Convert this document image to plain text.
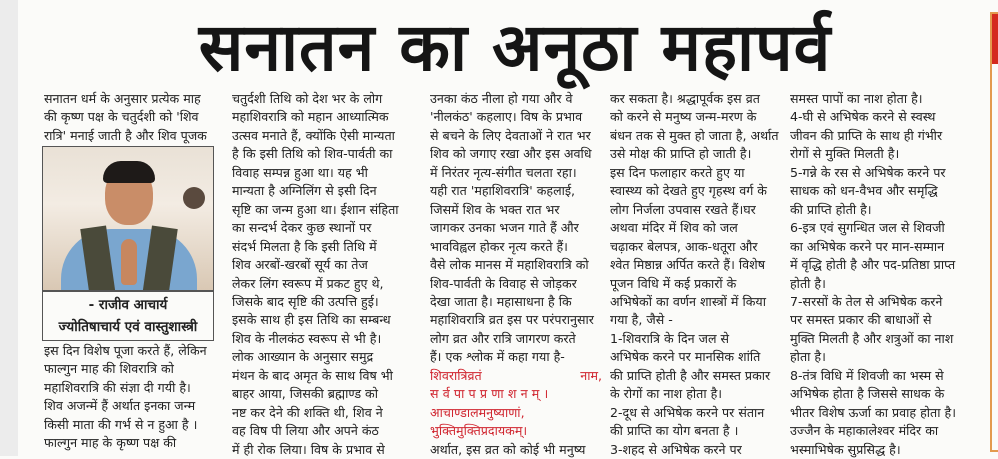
सनातन का अनूठा महापर्व
सनातन धर्म के अनुसार प्रत्येक माह
की कृष्ण पक्ष के चतुर्दशी को 'शिव
रात्रि' मनाई जाती है और शिव पूजक
- राजीव आचार्य
ज्योतिषाचार्य एवं वास्तुशास्त्री
इस दिन विशेष पूजा करते हैं, लेकिन
फाल्गुन माह की शिवरात्रि को
महाशिवरात्रि की संज्ञा दी गयी है।
शिव अजन्में हैं अर्थात इनका जन्म
किसी माता की गर्भ से न हुआ है ।
फाल्गुन माह के कृष्ण पक्ष की
चतुर्दशी तिथि को देश भर के लोग
महाशिवरात्रि को महान आध्यात्मिक
उत्सव मनाते हैं, क्योंकि ऐसी मान्यता
है कि इसी तिथि को शिव-पार्वती का
विवाह सम्पन्न हुआ था। यह भी
मान्यता है अग्निलिंग से इसी दिन
सृष्टि का जन्म हुआ था। ईशान संहिता
का सन्दर्भ देकर कुछ स्थानों पर
संदर्भ मिलता है कि इसी तिथि में
शिव अरबों-खरबों सूर्य का तेज
लेकर लिंग स्वरूप में प्रकट हुए थे,
जिसके बाद सृष्टि की उत्पत्ति हुई।
इसके साथ ही इस तिथि का सम्बन्ध
शिव के नीलकंठ स्वरूप से भी है।
लोक आख्यान के अनुसार समुद्र
मंथन के बाद अमृत के साथ विष भी
बाहर आया, जिसकी ब्रह्माण्ड को
नष्ट कर देने की शक्ति थी, शिव ने
वह विष पी लिया और अपने कंठ
में ही रोक लिया। विष के प्रभाव से
उनका कंठ नीला हो गया और वे
'नीलकंठ' कहलाए। विष के प्रभाव
से बचने के लिए देवताओं ने रात भर
शिव को जगाए रखा और इस अवधि
में निरंतर नृत्य-संगीत चलता रहा।
यही रात 'महाशिवरात्रि' कहलाई,
जिसमें शिव के भक्त रात भर
जागकर उनका भजन गाते हैं और
भावविह्वल होकर नृत्य करते हैं।
वैसे लोक मानस में महाशिवरात्रि को
शिव-पार्वती के विवाह से जोड़कर
देखा जाता है। महासाधना है कि
महाशिवरात्रि व्रत इस पर परंपरानुसार
लोग व्रत और रात्रि जागरण करते
हैं। एक श्लोक में कहा गया है-
शिवरात्रिव्रतं	नाम,
सर्वपापप्रणाशनम्।
आचाण्डालमनुष्याणां,
भुक्तिमुक्तिप्रदायकम्।
अर्थात, इस व्रत को कोई भी मनुष्य
कर सकता है। श्रद्धापूर्वक इस व्रत
को करने से मनुष्य जन्म-मरण के
बंधन तक से मुक्त हो जाता है, अर्थात
उसे मोक्ष की प्राप्ति हो जाती है।
इस दिन फलाहार करते हुए या
स्वास्थ्य को देखते हुए गृहस्थ वर्ग के
लोग निर्जला उपवास रखते हैं।घर
अथवा मंदिर में शिव को जल
चढ़ाकर बेलपत्र, आक-धतूरा और
श्वेत मिष्ठान्न अर्पित करते हैं। विशेष
पूजन विधि में कई प्रकारों के
अभिषेकों का वर्णन शास्त्रों में किया
गया है, जैसे -
1-शिवरात्रि के दिन जल से
अभिषेक करने पर मानसिक शांति
की प्राप्ति होती है और समस्त प्रकार
के रोगों का नाश होता है।
2-दूध से अभिषेक करने पर संतान
की प्राप्ति का योग बनता है ।
3-शहद से अभिषेक करने पर
समस्त पापों का नाश होता है।
4-घी से अभिषेक करने से स्वस्थ
जीवन की प्राप्ति के साथ ही गंभीर
रोगों से मुक्ति मिलती है।
5-गन्ने के रस से अभिषेक करने पर
साधक को धन-वैभव और समृद्धि
की प्राप्ति होती है।
6-इत्र एवं सुगन्धित जल से शिवजी
का अभिषेक करने पर मान-सम्मान
में वृद्धि होती है और पद-प्रतिष्ठा प्राप्त
होती है।
7-सरसों के तेल से अभिषेक करने
पर समस्त प्रकार की बाधाओं से
मुक्ति मिलती है और शत्रुओं का नाश
होता है।
8-तंत्र विधि में शिवजी का भस्म से
अभिषेक होता है जिससे साधक के
भीतर विशेष ऊर्जा का प्रवाह होता है।
उज्जैन के महाकालेश्वर मंदिर का
भस्माभिषेक सुप्रसिद्ध है।
